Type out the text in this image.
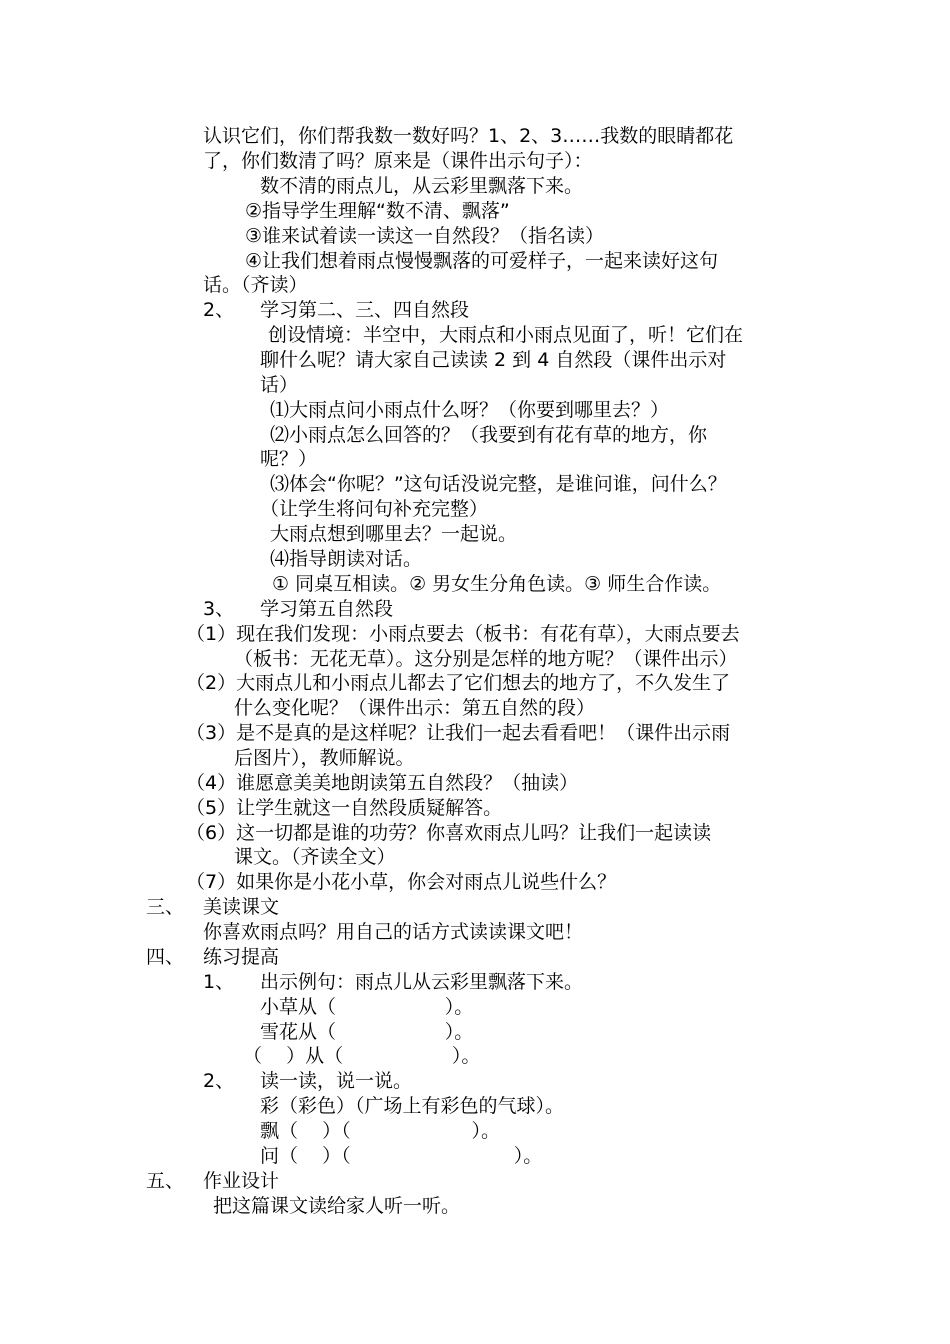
认识它们，你们帮我数一数好吗？1、2、3……我数的眼睛都花
了，你们数清了吗？原来是（课件出示句子）：
数不清的雨点儿，从云彩里飘落下来。
②指导学生理解“数不清、飘落”
③谁来试着读一读这一自然段？（指名读）
④让我们想着雨点慢慢飘落的可爱样子，一起来读好这句
话。（齐读）
2、 学习第二、三、四自然段
创设情境：半空中，大雨点和小雨点见面了，听！它们在
聊什么呢？请大家自己读读 2 到 4 自然段（课件出示对
话）
⑴大雨点问小雨点什么呀？（你要到哪里去？）
⑵小雨点怎么回答的？（我要到有花有草的地方，你
呢？）
⑶体会“你呢？”这句话没说完整，是谁问谁，问什么？
（让学生将问句补充完整）
大雨点想到哪里去？一起说。
⑷指导朗读对话。
① 同桌互相读。② 男女生分角色读。③ 师生合作读。
3、 学习第五自然段
（1）现在我们发现：小雨点要去（板书：有花有草），大雨点要去
（板书：无花无草）。这分别是怎样的地方呢？（课件出示）
（2）大雨点儿和小雨点儿都去了它们想去的地方了，不久发生了
什么变化呢？（课件出示：第五自然的段）
（3）是不是真的是这样呢？让我们一起去看看吧！（课件出示雨
后图片），教师解说。
（4）谁愿意美美地朗读第五自然段？（抽读）
（5）让学生就这一自然段质疑解答。
（6）这一切都是谁的功劳？你喜欢雨点儿吗？让我们一起读读
课文。（齐读全文）
（7）如果你是小花小草，你会对雨点儿说些什么？
三、 美读课文
你喜欢雨点吗？用自己的话方式读读课文吧！
四、 练习提高
1、 出示例句：雨点儿从云彩里飘落下来。
小草从（                  ）。
雪花从（                  ）。
（    ）从（                  ）。
2、 读一读，说一说。
彩（彩色）（广场上有彩色的气球）。
飘（    ）（                    ）。
问（    ）（                           ）。
五、 作业设计
把这篇课文读给家人听一听。
